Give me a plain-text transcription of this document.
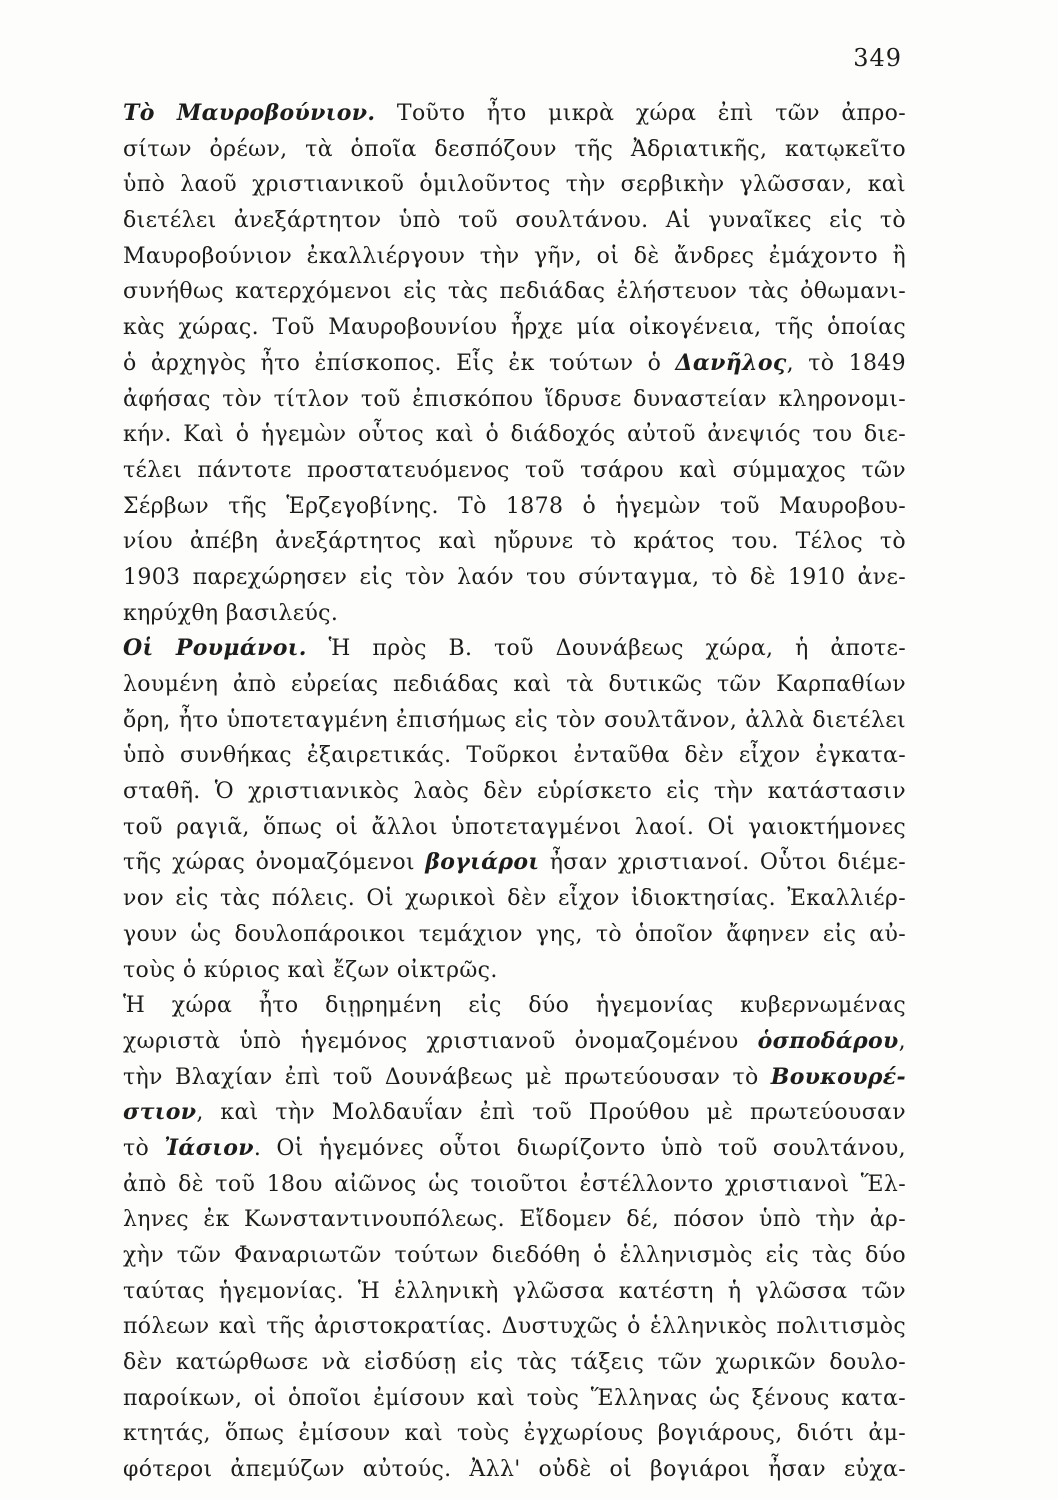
349
Τὸ Μαυροβούνιον. Τοῦτο ἦτο μικρὰ χώρα ἐπὶ τῶν ἀπρο-
σίτων ὀρέων, τὰ ὁποῖα δεσπόζουν τῆς Ἀδριατικῆς, κατῳκεῖτο
ὑπὸ λαοῦ χριστιανικοῦ ὁμιλοῦντος τὴν σερβικὴν γλῶσσαν, καὶ
διετέλει ἀνεξάρτητον ὑπὸ τοῦ σουλτάνου. Αἱ γυναῖκες εἰς τὸ
Μαυροβούνιον ἐκαλλιέργουν τὴν γῆν, οἱ δὲ ἄνδρες ἐμάχοντο ἢ
συνήθως κατερχόμενοι εἰς τὰς πεδιάδας ἐλήστευον τὰς ὀθωμανι-
κὰς χώρας. Τοῦ Μαυροβουνίου ἦρχε μία οἰκογένεια, τῆς ὁποίας
ὁ ἀρχηγὸς ἦτο ἐπίσκοπος. Εἷς ἐκ τούτων ὁ Δανῆλος, τὸ 1849
ἀφήσας τὸν τίτλον τοῦ ἐπισκόπου ἵδρυσε δυναστείαν κληρονομι-
κήν. Καὶ ὁ ἡγεμὼν οὗτος καὶ ὁ διάδοχός αὐτοῦ ἀνεψιός του διε-
τέλει πάντοτε προστατευόμενος τοῦ τσάρου καὶ σύμμαχος τῶν
Σέρβων τῆς Ἑρζεγοβίνης. Τὸ 1878 ὁ ἡγεμὼν τοῦ Μαυροβου-
νίου ἀπέβη ἀνεξάρτητος καὶ ηὔρυνε τὸ κράτος του. Τέλος τὸ
1903 παρεχώρησεν εἰς τὸν λαόν του σύνταγμα, τὸ δὲ 1910 ἀνε-
κηρύχθη βασιλεύς.
Οἱ Ρουμάνοι. Ἡ πρὸς Β. τοῦ Δουνάβεως χώρα, ἡ ἀποτε-
λουμένη ἀπὸ εὐρείας πεδιάδας καὶ τὰ δυτικῶς τῶν Καρπαθίων
ὄρη, ἦτο ὑποτεταγμένη ἐπισήμως εἰς τὸν σουλτᾶνον, ἀλλὰ διετέλει
ὑπὸ συνθήκας ἐξαιρετικάς. Τοῦρκοι ἐνταῦθα δὲν εἶχον ἐγκατα-
σταθῆ. Ὁ χριστιανικὸς λαὸς δὲν εὑρίσκετο εἰς τὴν κατάστασιν
τοῦ ραγιᾶ, ὅπως οἱ ἄλλοι ὑποτεταγμένοι λαοί. Οἱ γαιοκτήμονες
τῆς χώρας ὀνομαζόμενοι βογιάροι ἦσαν χριστιανοί. Οὗτοι διέμε-
νον εἰς τὰς πόλεις. Οἱ χωρικοὶ δὲν εἶχον ἰδιοκτησίας. Ἐκαλλιέρ-
γουν ὡς δουλοπάροικοι τεμάχιον γης, τὸ ὁποῖον ἄφηνεν εἰς αὐ-
τοὺς ὁ κύριος καὶ ἔζων οἰκτρῶς.
Ἡ χώρα ἦτο διῃρημένη εἰς δύο ἡγεμονίας κυβερνωμένας
χωριστὰ ὑπὸ ἡγεμόνος χριστιανοῦ ὀνομαζομένου ὁσποδάρου,
τὴν Βλαχίαν ἐπὶ τοῦ Δουνάβεως μὲ πρωτεύουσαν τὸ Βουκουρέ-
στιον, καὶ τὴν Μολδαυΐαν ἐπὶ τοῦ Προύθου μὲ πρωτεύουσαν
τὸ Ἰάσιον. Οἱ ἡγεμόνες οὗτοι διωρίζοντο ὑπὸ τοῦ σουλτάνου,
ἀπὸ δὲ τοῦ 18ου αἰῶνος ὡς τοιοῦτοι ἐστέλλοντο χριστιανοὶ Ἕλ-
ληνες ἐκ Κωνσταντινουπόλεως. Εἴδομεν δέ, πόσον ὑπὸ τὴν ἀρ-
χὴν τῶν Φαναριωτῶν τούτων διεδόθη ὁ ἑλληνισμὸς εἰς τὰς δύο
ταύτας ἡγεμονίας. Ἡ ἑλληνικὴ γλῶσσα κατέστη ἡ γλῶσσα τῶν
πόλεων καὶ τῆς ἀριστοκρατίας. Δυστυχῶς ὁ ἑλληνικὸς πολιτισμὸς
δὲν κατώρθωσε νὰ εἰσδύσῃ εἰς τὰς τάξεις τῶν χωρικῶν δουλο-
παροίκων, οἱ ὁποῖοι ἐμίσουν καὶ τοὺς Ἕλληνας ὡς ξένους κατα-
κτητάς, ὅπως ἐμίσουν καὶ τοὺς ἐγχωρίους βογιάρους, διότι ἀμ-
φότεροι ἀπεμύζων αὐτούς. Ἀλλ' οὐδὲ οἱ βογιάροι ἦσαν εὐχα-
